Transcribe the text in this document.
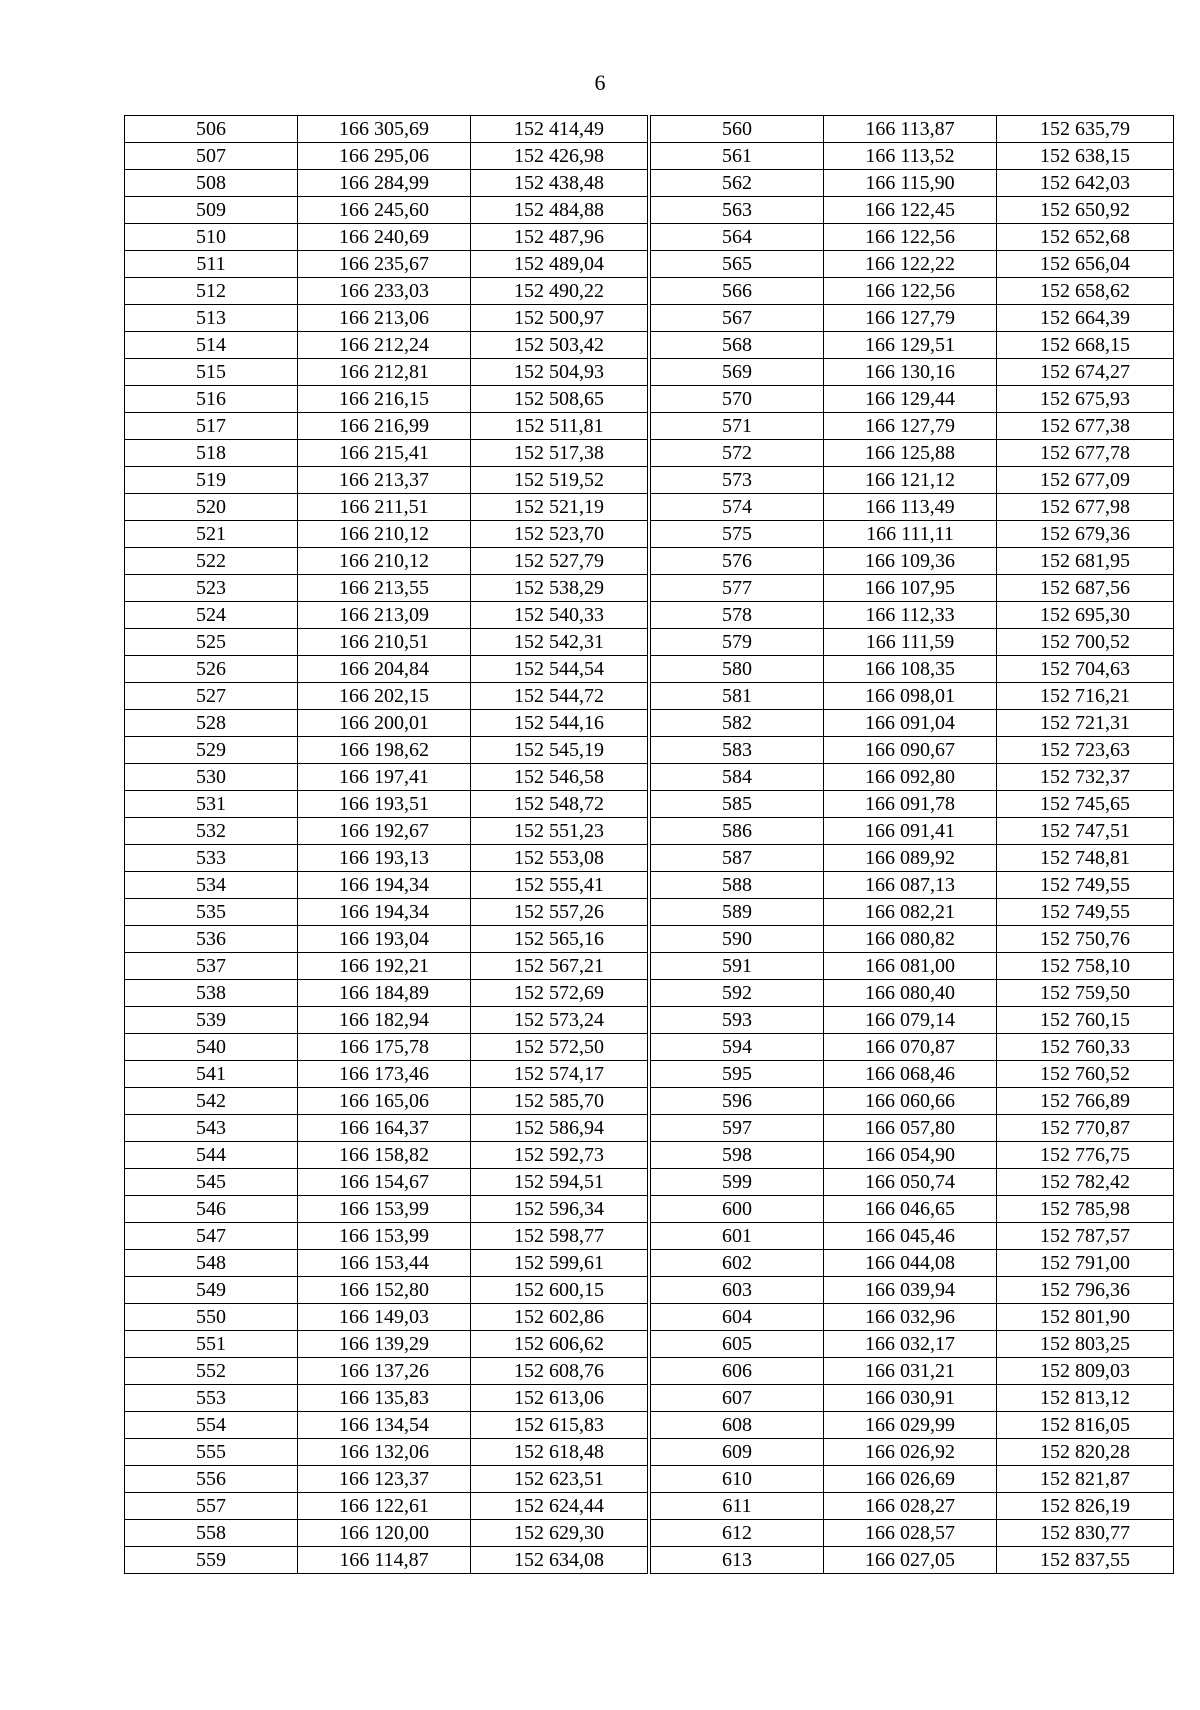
6
506	166 305,69	152 414,49
507	166 295,06	152 426,98
508	166 284,99	152 438,48
509	166 245,60	152 484,88
510	166 240,69	152 487,96
511	166 235,67	152 489,04
512	166 233,03	152 490,22
513	166 213,06	152 500,97
514	166 212,24	152 503,42
515	166 212,81	152 504,93
516	166 216,15	152 508,65
517	166 216,99	152 511,81
518	166 215,41	152 517,38
519	166 213,37	152 519,52
520	166 211,51	152 521,19
521	166 210,12	152 523,70
522	166 210,12	152 527,79
523	166 213,55	152 538,29
524	166 213,09	152 540,33
525	166 210,51	152 542,31
526	166 204,84	152 544,54
527	166 202,15	152 544,72
528	166 200,01	152 544,16
529	166 198,62	152 545,19
530	166 197,41	152 546,58
531	166 193,51	152 548,72
532	166 192,67	152 551,23
533	166 193,13	152 553,08
534	166 194,34	152 555,41
535	166 194,34	152 557,26
536	166 193,04	152 565,16
537	166 192,21	152 567,21
538	166 184,89	152 572,69
539	166 182,94	152 573,24
540	166 175,78	152 572,50
541	166 173,46	152 574,17
542	166 165,06	152 585,70
543	166 164,37	152 586,94
544	166 158,82	152 592,73
545	166 154,67	152 594,51
546	166 153,99	152 596,34
547	166 153,99	152 598,77
548	166 153,44	152 599,61
549	166 152,80	152 600,15
550	166 149,03	152 602,86
551	166 139,29	152 606,62
552	166 137,26	152 608,76
553	166 135,83	152 613,06
554	166 134,54	152 615,83
555	166 132,06	152 618,48
556	166 123,37	152 623,51
557	166 122,61	152 624,44
558	166 120,00	152 629,30
559	166 114,87	152 634,08
560	166 113,87	152 635,79
561	166 113,52	152 638,15
562	166 115,90	152 642,03
563	166 122,45	152 650,92
564	166 122,56	152 652,68
565	166 122,22	152 656,04
566	166 122,56	152 658,62
567	166 127,79	152 664,39
568	166 129,51	152 668,15
569	166 130,16	152 674,27
570	166 129,44	152 675,93
571	166 127,79	152 677,38
572	166 125,88	152 677,78
573	166 121,12	152 677,09
574	166 113,49	152 677,98
575	166 111,11	152 679,36
576	166 109,36	152 681,95
577	166 107,95	152 687,56
578	166 112,33	152 695,30
579	166 111,59	152 700,52
580	166 108,35	152 704,63
581	166 098,01	152 716,21
582	166 091,04	152 721,31
583	166 090,67	152 723,63
584	166 092,80	152 732,37
585	166 091,78	152 745,65
586	166 091,41	152 747,51
587	166 089,92	152 748,81
588	166 087,13	152 749,55
589	166 082,21	152 749,55
590	166 080,82	152 750,76
591	166 081,00	152 758,10
592	166 080,40	152 759,50
593	166 079,14	152 760,15
594	166 070,87	152 760,33
595	166 068,46	152 760,52
596	166 060,66	152 766,89
597	166 057,80	152 770,87
598	166 054,90	152 776,75
599	166 050,74	152 782,42
600	166 046,65	152 785,98
601	166 045,46	152 787,57
602	166 044,08	152 791,00
603	166 039,94	152 796,36
604	166 032,96	152 801,90
605	166 032,17	152 803,25
606	166 031,21	152 809,03
607	166 030,91	152 813,12
608	166 029,99	152 816,05
609	166 026,92	152 820,28
610	166 026,69	152 821,87
611	166 028,27	152 826,19
612	166 028,57	152 830,77
613	166 027,05	152 837,55
